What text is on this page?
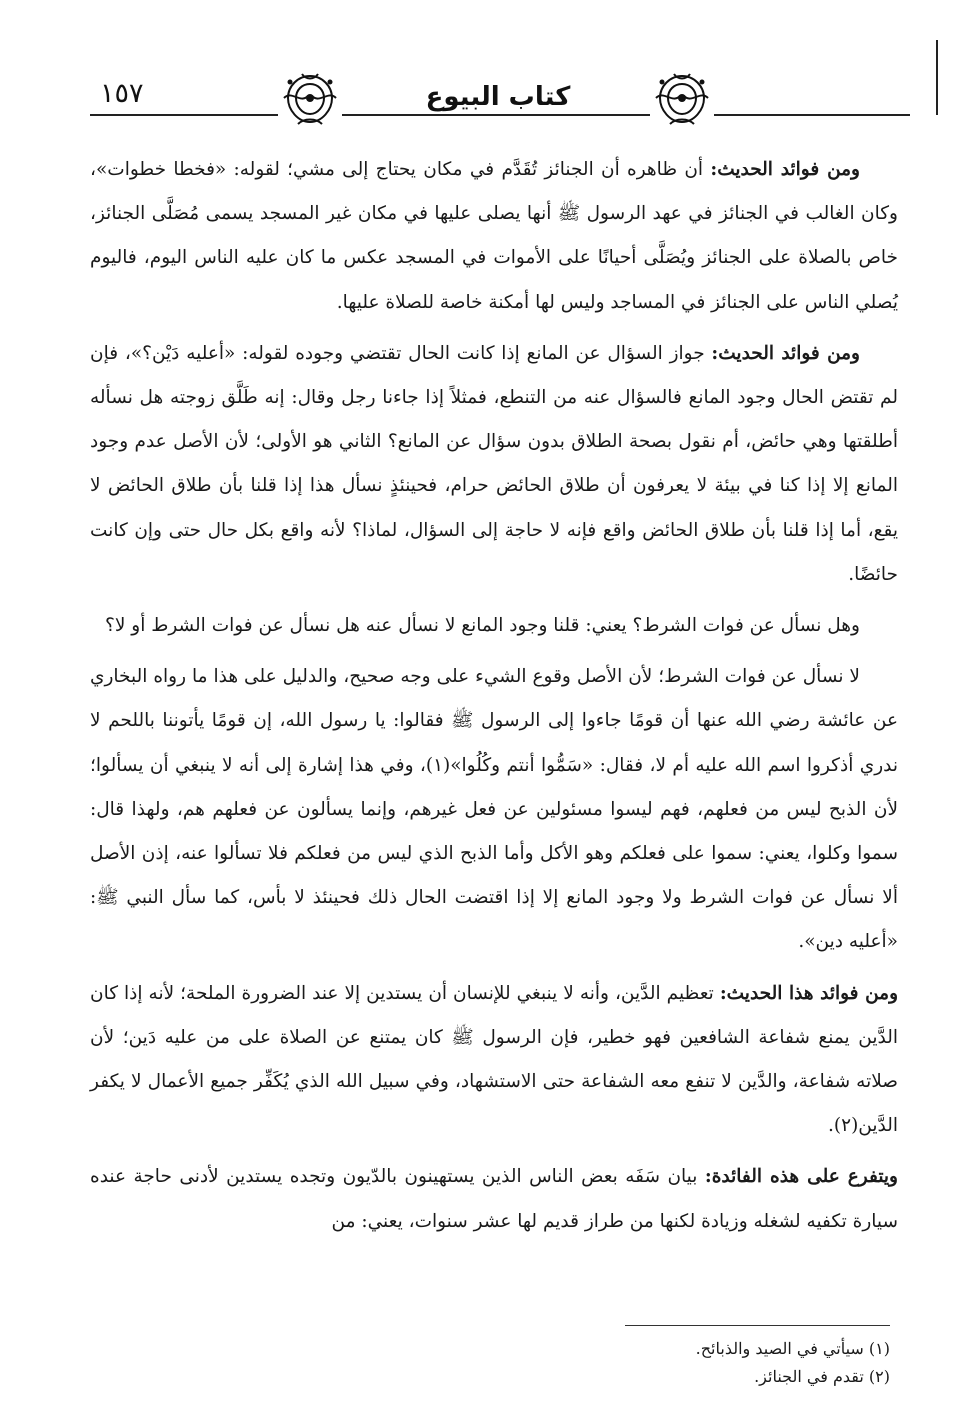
١٥٧	كتاب البيوع

ومن فوائد الحديث: أن ظاهره أن الجنائز تُقَدَّم في مكان يحتاج إلى مشي؛ لقوله: «فخطا خطوات»، وكان الغالب في الجنائز في عهد الرسول ﷺ أنها يصلى عليها في مكان غير المسجد يسمى مُصَلَّى الجنائز، خاص بالصلاة على الجنائز ويُصَلَّى أحيانًا على الأموات في المسجد عكس ما كان عليه الناس اليوم، فاليوم يُصلي الناس على الجنائز في المساجد وليس لها أمكنة خاصة للصلاة عليها.

ومن فوائد الحديث: جواز السؤال عن المانع إذا كانت الحال تقتضي وجوده لقوله: «أعليه دَيْن؟»، فإن لم تقتض الحال وجود المانع فالسؤال عنه من التنطع، فمثلاً إذا جاءنا رجل وقال: إنه طَلَّق زوجته هل نسأله أطلقتها وهي حائض، أم نقول بصحة الطلاق بدون سؤال عن المانع؟ الثاني هو الأولى؛ لأن الأصل عدم وجود المانع إلا إذا كنا في بيئة لا يعرفون أن طلاق الحائض حرام، فحينئذٍ نسأل هذا إذا قلنا بأن طلاق الحائض لا يقع، أما إذا قلنا بأن طلاق الحائض واقع فإنه لا حاجة إلى السؤال، لماذا؟ لأنه واقع بكل حال حتى وإن كانت حائضًا.

وهل نسأل عن فوات الشرط؟ يعني: قلنا وجود المانع لا نسأل عنه هل نسأل عن فوات الشرط أو لا؟

لا نسأل عن فوات الشرط؛ لأن الأصل وقوع الشيء على وجه صحيح، والدليل على هذا ما رواه البخاري عن عائشة رضي الله عنها أن قومًا جاءوا إلى الرسول ﷺ فقالوا: يا رسول الله، إن قومًا يأتوننا باللحم لا ندري أذكروا اسم الله عليه أم لا، فقال: «سَمُّوا أنتم وكُلُوا»(١)، وفي هذا إشارة إلى أنه لا ينبغي أن يسألوا؛ لأن الذبح ليس من فعلهم، فهم ليسوا مسئولين عن فعل غيرهم، وإنما يسألون عن فعلهم هم، ولهذا قال: سموا وكلوا، يعني: سموا على فعلكم وهو الأكل وأما الذبح الذي ليس من فعلكم فلا تسألوا عنه، إذن الأصل ألا نسأل عن فوات الشرط ولا وجود المانع إلا إذا اقتضت الحال ذلك فحينئذ لا بأس، كما سأل النبي ﷺ: «أعليه دين».

ومن فوائد هذا الحديث: تعظيم الدَّين، وأنه لا ينبغي للإنسان أن يستدين إلا عند الضرورة الملحة؛ لأنه إذا كان الدَّين يمنع شفاعة الشافعين فهو خطير، فإن الرسول ﷺ كان يمتنع عن الصلاة على من عليه دَين؛ لأن صلاته شفاعة، والدَّين لا تنفع معه الشفاعة حتى الاستشهاد، وفي سبيل الله الذي يُكَفِّر جميع الأعمال لا يكفر الدَّين(٢).

ويتفرع على هذه الفائدة: بيان سَفَه بعض الناس الذين يستهينون بالدّيون وتجده يستدين لأدنى حاجة عنده سيارة تكفيه لشغله وزيادة لكنها من طراز قديم لها عشر سنوات، يعني: من

(١) سيأتي في الصيد والذبائح.
(٢) تقدم في الجنائز.
